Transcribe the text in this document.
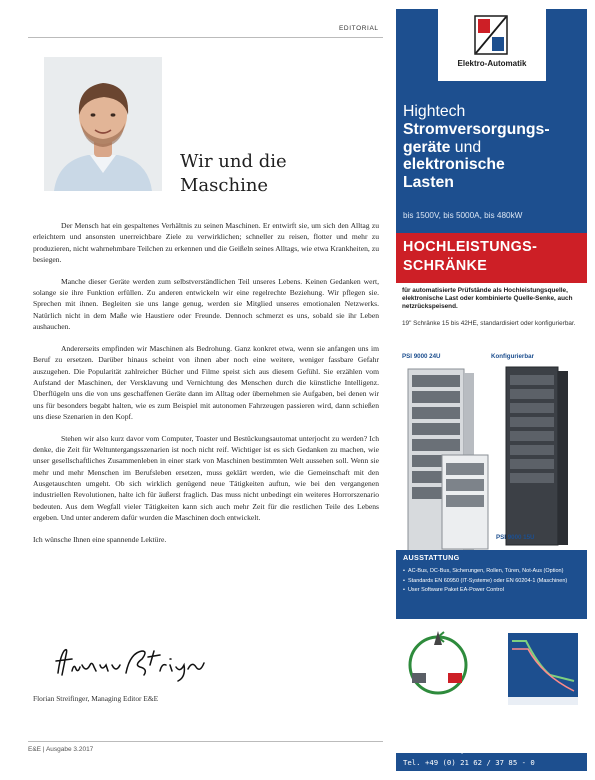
EDITORIAL
Wir und die
Maschine

Der Mensch hat ein gespaltenes Verhältnis zu seinen Maschinen. Er entwirft sie, um sich den Alltag zu erleichtern und ansonsten unerreichbare Ziele zu verwirklichen; schneller zu reisen, flotter und mehr zu produzieren, nicht wahrnehmbare Teilchen zu erkennen und die Geißeln seines Alltags, wie etwa Krankheiten, zu besiegen.

Manche dieser Geräte werden zum selbstverständlichen Teil unseres Lebens. Keinen Gedanken wert, solange sie ihre Funktion erfüllen. Zu anderen entwickeln wir eine regelrechte Beziehung. Wir pflegen sie. Sprechen mit ihnen. Begleiten sie uns lange genug, werden sie Mitglied unseres emotionalen Netzwerks. Natürlich nicht in dem Maße wie Haustiere oder Freunde. Dennoch schmerzt es uns, sobald sie ihr Leben aushauchen.

Andererseits empfinden wir Maschinen als Bedrohung. Ganz konkret etwa, wenn sie anfangen uns im Beruf zu ersetzen. Darüber hinaus scheint von ihnen aber noch eine weitere, weniger fassbare Gefahr auszugehen. Die Popularität zahlreicher Bücher und Filme speist sich aus diesem Gefühl. Sie erzählen vom Aufstand der Maschinen, der Versklavung und Vernichtung des Menschen durch die künstliche Intelligenz. Überflügeln uns die von uns geschaffenen Geräte dann im Alltag oder übernehmen sie Aufgaben, bei denen wir uns für besonders begabt halten, wie es zum Beispiel mit autonomen Fahrzeugen passieren wird, dann schießen uns diese Szenarien in den Kopf.

Stehen wir also kurz davor vom Computer, Toaster und Bestückungsautomat unterjocht zu werden? Ich denke, die Zeit für Weltuntergangsszenarien ist noch nicht reif. Wichtiger ist es sich Gedanken zu machen, wie unser gesellschaftliches Zusammenleben in einer stark von Maschinen bestimmten Welt aussehen soll. Wenn sie mehr und mehr Menschen im Berufsleben ersetzen, muss geklärt werden, wie die Gemeinschaft mit den Ausgetauschten umgeht. Ob sich wirklich genügend neue Tätigkeiten auftun, wie bei den vergangenen industriellen Revolutionen, halte ich für äußerst fraglich. Das muss nicht unbedingt ein weiteres Horrorszenario bedeuten. Aus dem Wegfall vieler Tätigkeiten kann sich auch mehr Zeit für die restlichen Teile des Lebens ergeben. Und unter anderem dafür wurden die Maschinen doch entwickelt.

Ich wünsche Ihnen eine spannende Lektüre.

Florian Streifinger, Managing Editor E&E
E&E | Ausgabe 3.2017
Elektro-Automatik
Hightech
Stromversorgungs-
geräte und
elektronische
Lasten
bis 1500V, bis 5000A, bis 480kW
HOCHLEISTUNGS-
SCHRÄNKE
für automatisierte Prüfstände als Hochleistungsquelle, elektronische Last oder kombinierte Quelle-Senke, auch netzrückspeisend.
19" Schränke 15 bis 42HE, standardisiert oder konfigurierbar.
PSI 9000 24U	Konfigurierbar
PSI 9000 15U
AUSSTATTUNG
• AC-Bus, DC-Bus, Sicherungen, Rollen, Türen, Not-Aus (Option)
• Standards EN 60950 (IT-Systeme) oder EN 60204-1 (Maschinen)
• User Software Paket EA-Power Control
www.elektroautomatik.de
ea1974@elektroautomatik.de
Helmholtzstraße 31-37
41747 Viersen, Deutschland
Tel. +49 (0) 21 62 / 37 85 - 0
